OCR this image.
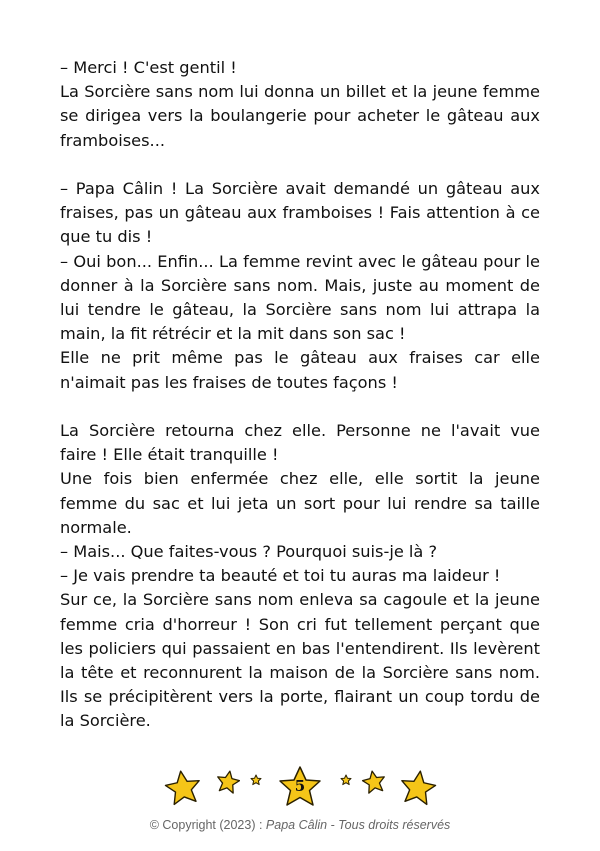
– Merci ! C'est gentil !

La Sorcière sans nom lui donna un billet et la jeune femme se dirigea vers la boulangerie pour acheter le gâteau aux framboises...

– Papa Câlin ! La Sorcière avait demandé un gâteau aux fraises, pas un gâteau aux framboises ! Fais attention à ce que tu dis !

– Oui bon... Enfin... La femme revint avec le gâteau pour le donner à la Sorcière sans nom. Mais, juste au moment de lui tendre le gâteau, la Sorcière sans nom lui attrapa la main, la fit rétrécir et la mit dans son sac !

Elle ne prit même pas le gâteau aux fraises car elle n'aimait pas les fraises de toutes façons !

La Sorcière retourna chez elle. Personne ne l'avait vue faire ! Elle était tranquille !

Une fois bien enfermée chez elle, elle sortit la jeune femme du sac et lui jeta un sort pour lui rendre sa taille normale.

– Mais... Que faites-vous ? Pourquoi suis-je là ?

– Je vais prendre ta beauté et toi tu auras ma laideur !

Sur ce, la Sorcière sans nom enleva sa cagoule et la jeune femme cria d'horreur ! Son cri fut tellement perçant que les policiers qui passaient en bas l'entendirent. Ils levèrent la tête et reconnurent la maison de la Sorcière sans nom. Ils se précipitèrent vers la porte, flairant un coup tordu de la Sorcière.

5
© Copyright (2023) : Papa Câlin - Tous droits réservés
